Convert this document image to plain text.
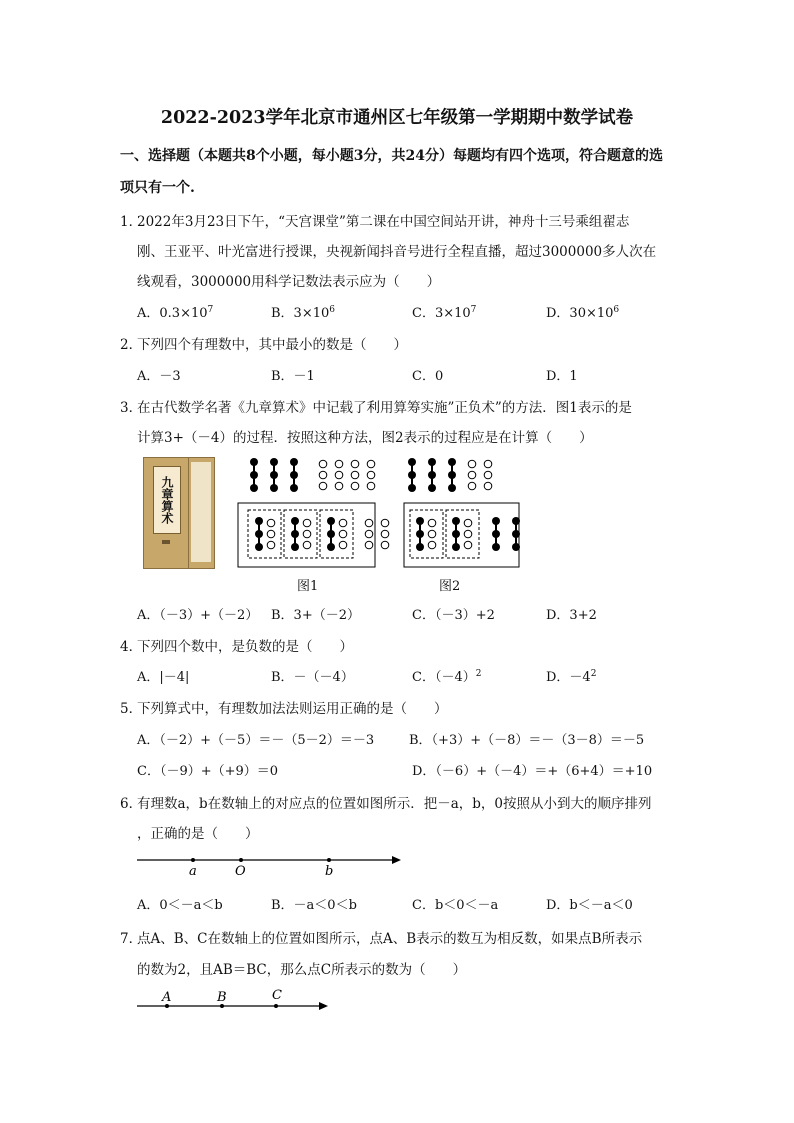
2022-2023学年北京市通州区七年级第一学期期中数学试卷
一、选择题（本题共8个小题，每小题3分，共24分）每题均有四个选项，符合题意的选
项只有一个.
1．
2022年3月23日下午，“天宫课堂”第二课在中国空间站开讲，神舟十三号乘组翟志
刚、王亚平、叶光富进行授课，央视新闻抖音号进行全程直播，超过3000000多人次在
线观看，3000000用科学记数法表示应为（　　）
A．$0.3\times 10^7$	B．$3\times 10^6$	C．$3\times 10^7$	D．$30\times 10^6$
2．
下列四个有理数中，其中最小的数是（　　）
A．－3	B．－1	C．0	D．1
3．
在古代数学名著《九章算术》中记载了利用算筹实施”正负术”的方法．图1表示的是
计算3+（－4）的过程．按照这种方法，图2表示的过程应是在计算（　　）
九章算术
图1	图2
A．（－3）+（－2） B．3+（－2）	C．（－3）+2	D．3+2
4．
下列四个数中，是负数的是（　　）
A．|－4|	B．－（－4）	C．$(-4)^2$	D．$-4^2$
5．
下列算式中，有理数加法法则运用正确的是（　　）
A．（－2）+（－5）＝－（5－2）＝－3	B．（+3）+（－8）＝－（3－8）＝－5
C．（－9）+（+9）＝0	D．（－6）+（－4）＝+（6+4）＝+10
6．
有理数a，b在数轴上的对应点的位置如图所示．把－a，b，0按照从小到大的顺序排列
，正确的是（　　）
a	O	b
A．0＜－a＜b	B．－a＜0＜b	C．b＜0＜－a	D．b＜－a＜0
7．
点A、B、C在数轴上的位置如图所示，点A、B表示的数互为相反数，如果点B所表示
的数为2，且AB＝BC，那么点C所表示的数为（　　）
A	B	C
